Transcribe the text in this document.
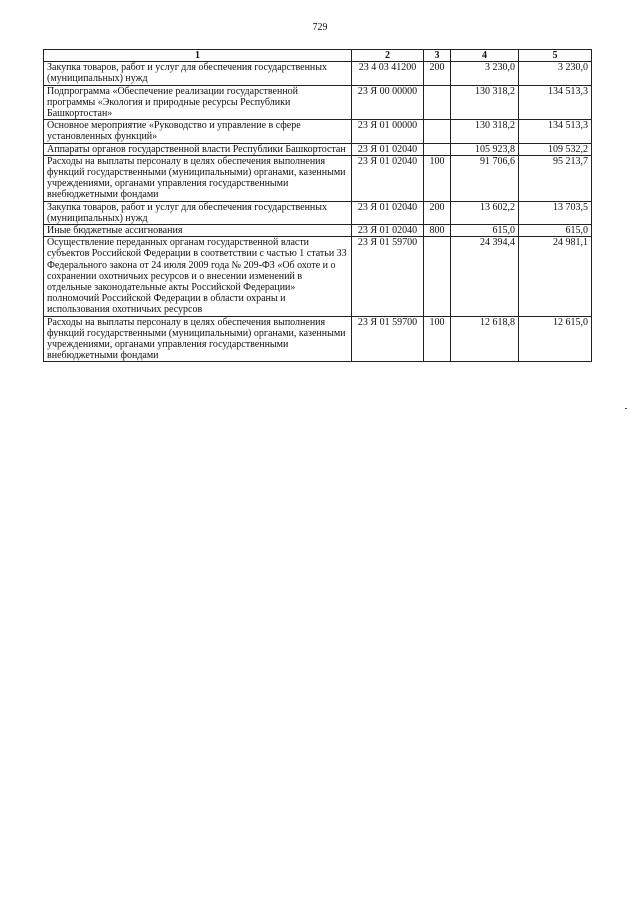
729
1	2	3	4	5
Закупка товаров, работ и услуг для обеспечения государственных (муниципальных) нужд	23 4 03 41200	200	3 230,0	3 230,0
Подпрограмма «Обеспечение реализации государственной программы «Экология и природные ресурсы Республики Башкортостан»	23 Я 00 00000		130 318,2	134 513,3
Основное мероприятие «Руководство и управление в сфере установленных функций»	23 Я 01 00000		130 318,2	134 513,3
Аппараты органов государственной власти Республики Башкортостан	23 Я 01 02040		105 923,8	109 532,2
Расходы на выплаты персоналу в целях обеспечения выполнения функций государственными (муниципальными) органами, казенными учреждениями, органами управления государственными внебюджетными фондами	23 Я 01 02040	100	91 706,6	95 213,7
Закупка товаров, работ и услуг для обеспечения государственных (муниципальных) нужд	23 Я 01 02040	200	13 602,2	13 703,5
Иные бюджетные ассигнования	23 Я 01 02040	800	615,0	615,0
Осуществление переданных органам государственной власти субъектов Российской Федерации в соответствии с частью 1 статьи 33 Федерального закона от 24 июля 2009 года № 209-ФЗ «Об охоте и о сохранении охотничьих ресурсов и о внесении изменений в отдельные законодательные акты Российской Федерации» полномочий Российской Федерации в области охраны и использования охотничьих ресурсов	23 Я 01 59700		24 394,4	24 981,1
Расходы на выплаты персоналу в целях обеспечения выполнения функций государственными (муниципальными) органами, казенными учреждениями, органами управления государственными внебюджетными фондами	23 Я 01 59700	100	12 618,8	12 615,0
